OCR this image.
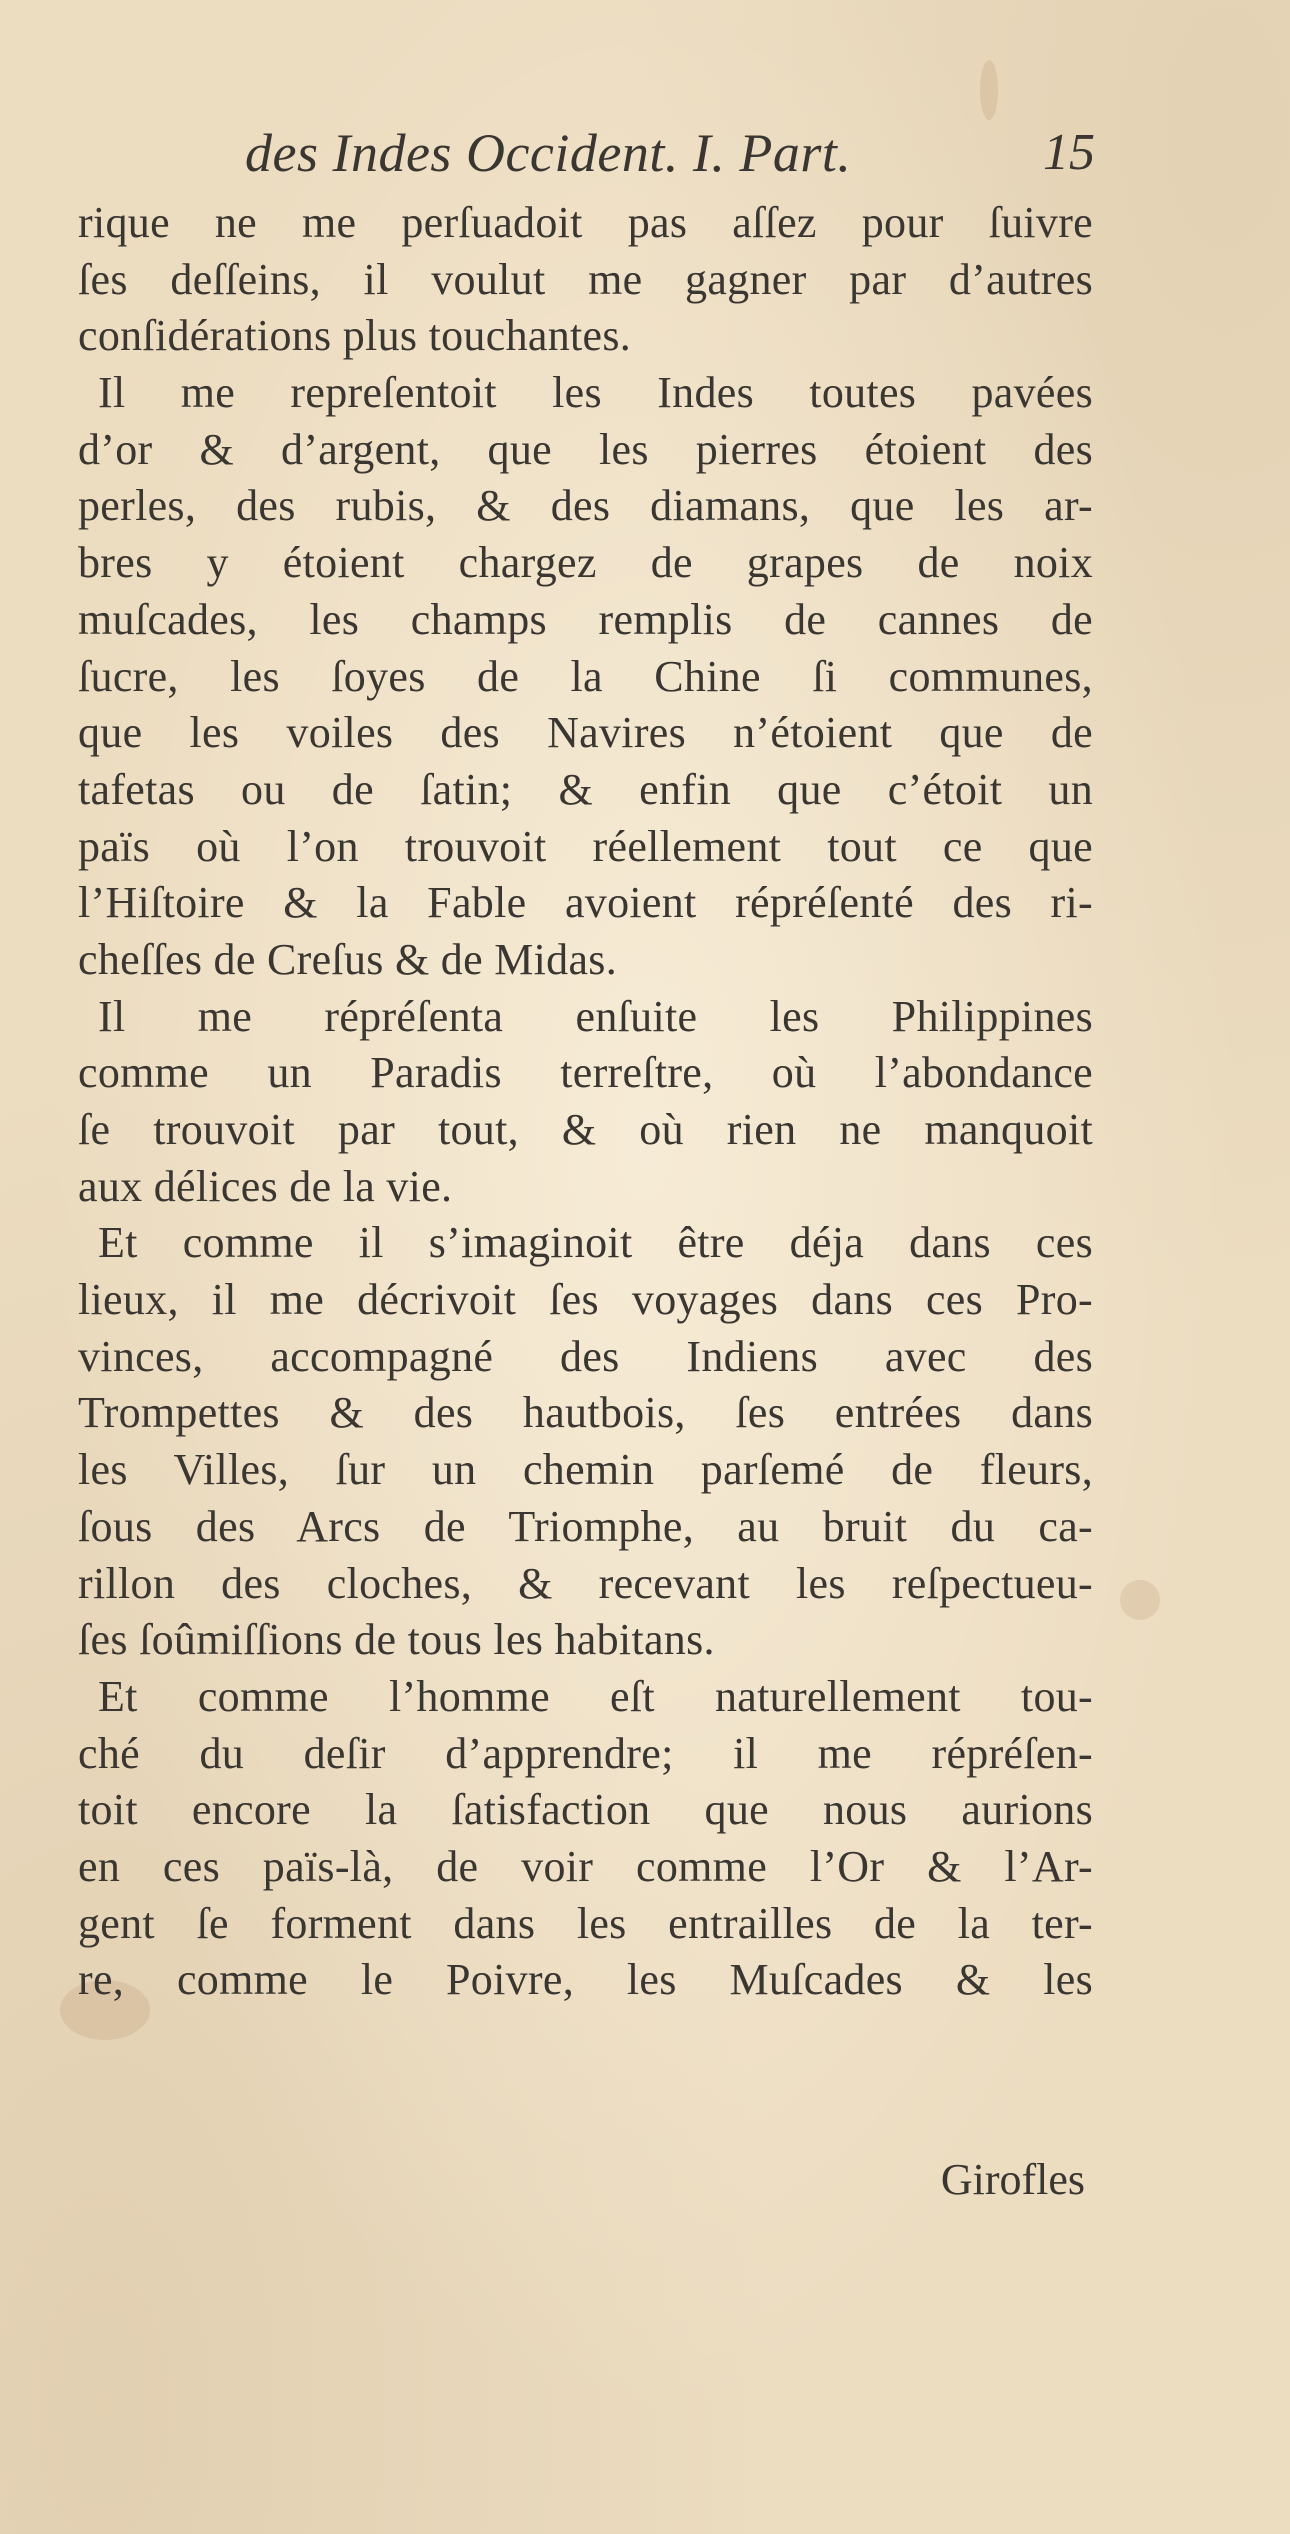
des Indes Occident. I. Part.	15
rique ne me perſuadoit pas aſſez pour ſuivre
ſes deſſeins, il voulut me gagner par d’autres
conſidérations plus touchantes.
Il me repreſentoit les Indes toutes pavées
d’or & d’argent, que les pierres étoient des
perles, des rubis, & des diamans, que les ar-
bres y étoient chargez de grapes de noix
muſcades, les champs remplis de cannes de
ſucre, les ſoyes de la Chine ſi communes,
que les voiles des Navires n’étoient que de
tafetas ou de ſatin; & enfin que c’étoit un
païs où l’on trouvoit réellement tout ce que
l’Hiſtoire & la Fable avoient répréſenté des ri-
cheſſes de Creſus & de Midas.
Il me répréſenta enſuite les Philippines
comme un Paradis terreſtre, où l’abondance
ſe trouvoit par tout, & où rien ne manquoit
aux délices de la vie.
Et comme il s’imaginoit être déja dans ces
lieux, il me décrivoit ſes voyages dans ces Pro-
vinces, accompagné des Indiens avec des
Trompettes & des hautbois, ſes entrées dans
les Villes, ſur un chemin parſemé de fleurs,
ſous des Arcs de Triomphe, au bruit du ca-
rillon des cloches, & recevant les reſpectueu-
ſes ſoûmiſſions de tous les habitans.
Et comme l’homme eſt naturellement tou-
ché du deſir d’apprendre; il me répréſen-
toit encore la ſatisfaction que nous aurions
en ces païs-là, de voir comme l’Or & l’Ar-
gent ſe forment dans les entrailles de la ter-
re, comme le Poivre, les Muſcades & les
Girofles
